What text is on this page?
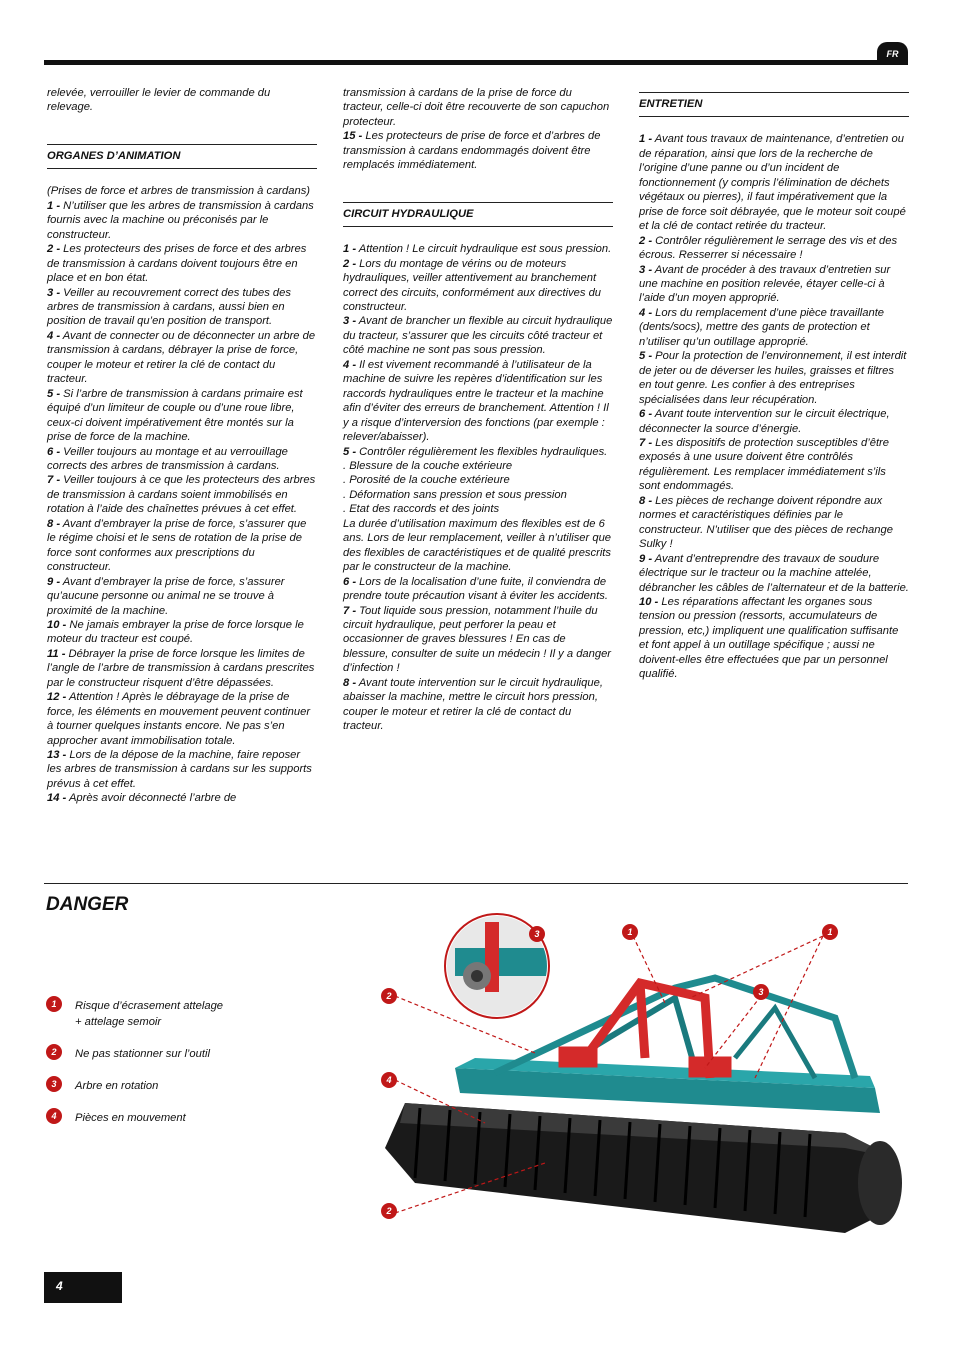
FR

relevée, verrouiller le levier de commande du relevage.

ORGANES D’ANIMATION

(Prises de force et arbres de transmission à cardans)

1 - N’utiliser que les arbres de transmission à cardans fournis avec la machine ou préconisés par le constructeur.

2 - Les protecteurs des prises de force et des arbres de transmission à cardans doivent toujours être en place et en bon état.

3 - Veiller au recouvrement correct des tubes des arbres de transmission à cardans, aussi bien en position de travail qu’en position de transport.

4 - Avant de connecter ou de déconnecter un arbre de transmission à cardans, débrayer la prise de force, couper le moteur et retirer la clé de contact du tracteur.

5 - Si l’arbre de transmission à cardans primaire est équipé d’un limiteur de couple ou d’une roue libre, ceux-ci doivent impérativement être montés sur la prise de force de la machine.

6 - Veiller toujours au montage et au verrouillage corrects des arbres de transmission à cardans.

7 - Veiller toujours à ce que les protecteurs des arbres de transmission à cardans soient immobilisés en rotation à l’aide des chaînettes prévues à cet effet.

8 - Avant d’embrayer la prise de force, s’assurer que le régime choisi et le sens de rotation de la prise de force sont conformes aux prescriptions du constructeur.

9 - Avant d’embrayer la prise de force, s’assurer qu’aucune personne ou animal ne se trouve à proximité de la machine.

10 - Ne jamais embrayer la prise de force lorsque le moteur du tracteur est coupé.

11 - Débrayer la prise de force lorsque les limites de l’angle de l’arbre de transmission à cardans prescrites par le constructeur risquent d’être dépassées.

12 - Attention ! Après le débrayage de la prise de force, les éléments en mouvement peuvent continuer à tourner quelques instants encore. Ne pas s’en approcher avant immobilisation totale.

13 - Lors de la dépose de la machine, faire reposer les arbres de transmission à cardans sur les supports prévus à cet effet.

14 - Après avoir déconnecté l’arbre de

transmission à cardans de la prise de force du tracteur, celle-ci doit être recouverte de son capuchon protecteur.

15 - Les protecteurs de prise de force et d’arbres de transmission à cardans endommagés doivent être remplacés immédiatement.

CIRCUIT HYDRAULIQUE

1 - Attention ! Le circuit hydraulique est sous pression.

2 - Lors du montage de vérins ou de moteurs hydrauliques, veiller attentivement au branchement correct des circuits, conformément aux directives du constructeur.

3 - Avant de brancher un flexible au circuit hydraulique du tracteur, s’assurer que les circuits côté tracteur et côté machine ne sont pas sous pression.

4 - Il est vivement recommandé à l’utilisateur de la machine de suivre les repères d’identification sur les raccords hydrauliques entre le tracteur et la machine afin d’éviter des erreurs de branchement. Attention ! Il y a risque d’interversion des fonctions (par exemple : relever/abaisser).

5 - Contrôler régulièrement les flexibles hydrauliques.

. Blessure de la couche extérieure

. Porosité de la couche extérieure

. Déformation sans pression et sous pression

. Etat des raccords et des joints

La durée d’utilisation maximum des flexibles est de 6 ans. Lors de leur remplacement, veiller à n’utiliser que des flexibles de caractéristiques et de qualité prescrits par le constructeur de la machine.

6 - Lors de la localisation d’une fuite, il conviendra de prendre toute précaution visant à éviter les accidents.

7 - Tout liquide sous pression, notamment l’huile du circuit hydraulique, peut perforer la peau et occasionner de graves blessures ! En cas de blessure, consulter de suite un médecin ! Il y a danger d’infection !

8 - Avant toute intervention sur le circuit hydraulique, abaisser la machine, mettre le circuit hors pression, couper le moteur et retirer la clé de contact du tracteur.

ENTRETIEN

1 - Avant tous travaux de maintenance, d’entretien ou de réparation, ainsi que lors de la recherche de l’origine d’une panne ou d’un incident de fonctionnement (y compris l’élimination de déchets végétaux ou pierres), il faut impérativement que la prise de force soit débrayée, que le moteur soit coupé et la clé de contact retirée du tracteur.

2 - Contrôler régulièrement le serrage des vis et des écrous. Resserrer si nécessaire !

3 - Avant de procéder à des travaux d’entretien sur une machine en position relevée, étayer celle-ci à l’aide d’un moyen approprié.

4 - Lors du remplacement d’une pièce travaillante (dents/socs), mettre des gants de protection et n’utiliser qu’un outillage approprié.

5 - Pour la protection de l’environnement, il est interdit de jeter ou de déverser les huiles, graisses et filtres en tout genre. Les confier à des entreprises spécialisées dans leur récupération.

6 - Avant toute intervention sur le circuit électrique, déconnecter la source d’énergie.

7 - Les dispositifs de protection susceptibles d’être exposés à une usure doivent être contrôlés régulièrement. Les remplacer immédiatement s’ils sont endommagés.

8 - Les pièces de rechange doivent répondre aux normes et caractéristiques définies par le constructeur. N’utiliser que des pièces de rechange Sulky !

9 - Avant d’entreprendre des travaux de soudure électrique sur le tracteur ou la machine attelée, débrancher les câbles de l’alternateur et de la batterie.

10 - Les réparations affectant les organes sous tension ou pression (ressorts, accumulateurs de pression, etc,) impliquent une qualification suffisante et font appel à un outillage spécifique ; aussi ne doivent-elles être effectuées que par un personnel qualifié.

DANGER

1	Risque d’écrasement attelage
+ attelage semoir
2	Ne pas stationner sur l’outil
3	Arbre en rotation
4	Pièces en mouvement
3	1	1
2	3
4
2
4
